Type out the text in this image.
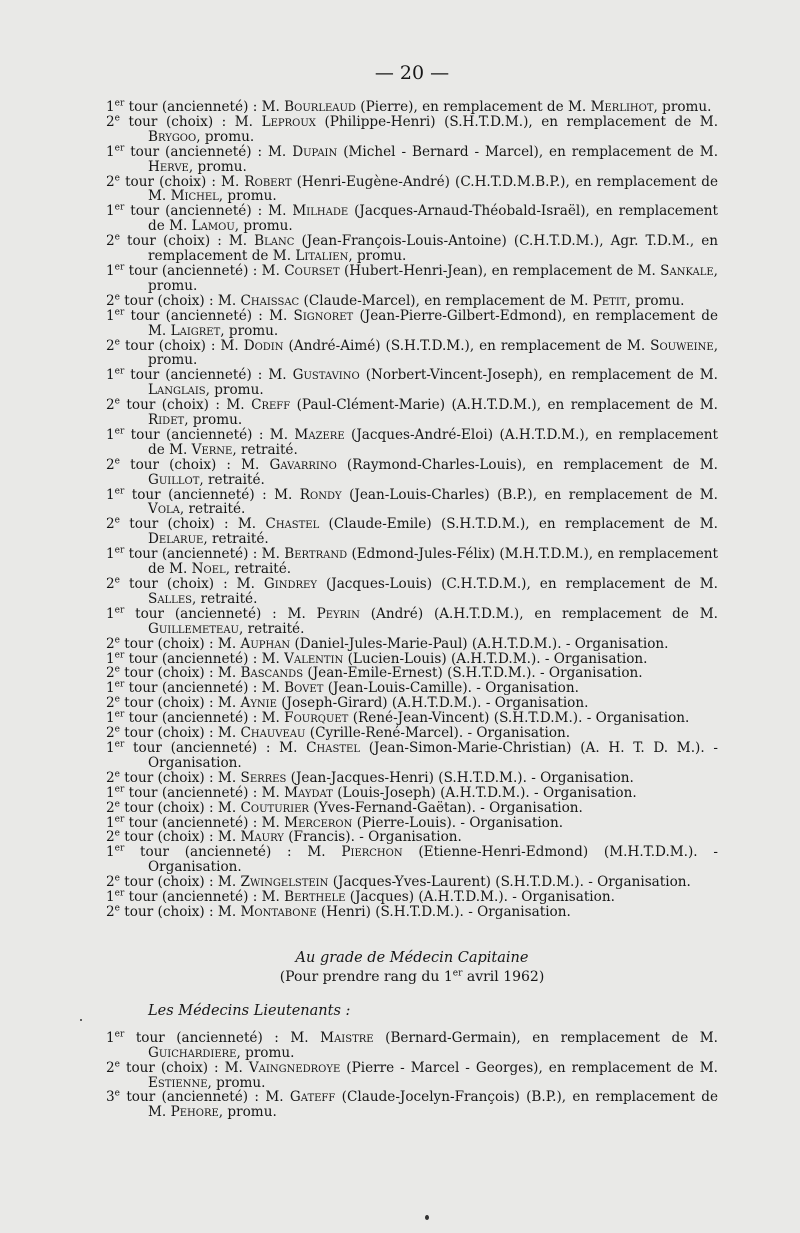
— 20 —
1er tour (ancienneté) : M. Bourleaud (Pierre), en remplacement de M. Merlihot, promu.
2e tour (choix) : M. Leproux (Philippe-Henri) (S.H.T.D.M.), en remplacement de M. Brygoo, promu.
1er tour (ancienneté) : M. Dupain (Michel - Bernard - Marcel), en remplacement de M. Herve, promu.
2e tour (choix) : M. Robert (Henri-Eugène-André) (C.H.T.D.M.B.P.), en remplacement de M. Michel, promu.
1er tour (ancienneté) : M. Milhade (Jacques-Arnaud-Théobald-Israël), en remplacement de M. Lamou, promu.
2e tour (choix) : M. Blanc (Jean-François-Louis-Antoine) (C.H.T.D.M.), Agr. T.D.M., en remplacement de M. Litalien, promu.
1er tour (ancienneté) : M. Courset (Hubert-Henri-Jean), en remplacement de M. Sankale, promu.
2e tour (choix) : M. Chaissac (Claude-Marcel), en remplacement de M. Petit, promu.
1er tour (ancienneté) : M. Signoret (Jean-Pierre-Gilbert-Edmond), en remplacement de M. Laigret, promu.
2e tour (choix) : M. Dodin (André-Aimé) (S.H.T.D.M.), en remplacement de M. Souweine, promu.
1er tour (ancienneté) : M. Gustavino (Norbert-Vincent-Joseph), en remplacement de M. Langlais, promu.
2e tour (choix) : M. Creff (Paul-Clément-Marie) (A.H.T.D.M.), en remplacement de M. Ridet, promu.
1er tour (ancienneté) : M. Mazere (Jacques-André-Eloi) (A.H.T.D.M.), en remplacement de M. Verne, retraité.
2e tour (choix) : M. Gavarrino (Raymond-Charles-Louis), en remplacement de M. Guillot, retraité.
1er tour (ancienneté) : M. Rondy (Jean-Louis-Charles) (B.P.), en remplacement de M. Vola, retraité.
2e tour (choix) : M. Chastel (Claude-Emile) (S.H.T.D.M.), en remplacement de M. Delarue, retraité.
1er tour (ancienneté) : M. Bertrand (Edmond-Jules-Félix) (M.H.T.D.M.), en remplacement de M. Noel, retraité.
2e tour (choix) : M. Gindrey (Jacques-Louis) (C.H.T.D.M.), en remplacement de M. Salles, retraité.
1er tour (ancienneté) : M. Peyrin (André) (A.H.T.D.M.), en remplacement de M. Guillemeteau, retraité.
2e tour (choix) : M. Auphan (Daniel-Jules-Marie-Paul) (A.H.T.D.M.). - Organisation.
1er tour (ancienneté) : M. Valentin (Lucien-Louis) (A.H.T.D.M.). - Organisation.
2e tour (choix) : M. Bascands (Jean-Emile-Ernest) (S.H.T.D.M.). - Organisation.
1er tour (ancienneté) : M. Bovet (Jean-Louis-Camille). - Organisation.
2e tour (choix) : M. Aynie (Joseph-Girard) (A.H.T.D.M.). - Organisation.
1er tour (ancienneté) : M. Fourquet (René-Jean-Vincent) (S.H.T.D.M.). - Organisation.
2e tour (choix) : M. Chauveau (Cyrille-René-Marcel). - Organisation.
1er tour (ancienneté) : M. Chastel (Jean-Simon-Marie-Christian) (A. H. T. D. M.). - Organisation.
2e tour (choix) : M. Serres (Jean-Jacques-Henri) (S.H.T.D.M.). - Organisation.
1er tour (ancienneté) : M. Maydat (Louis-Joseph) (A.H.T.D.M.). - Organisation.
2e tour (choix) : M. Couturier (Yves-Fernand-Gaëtan). - Organisation.
1er tour (ancienneté) : M. Merceron (Pierre-Louis). - Organisation.
2e tour (choix) : M. Maury (Francis). - Organisation.
1er tour (ancienneté) : M. Pierchon (Etienne-Henri-Edmond) (M.H.T.D.M.). - Organisation.
2e tour (choix) : M. Zwingelstein (Jacques-Yves-Laurent) (S.H.T.D.M.). - Organisation.
1er tour (ancienneté) : M. Berthele (Jacques) (A.H.T.D.M.). - Organisation.
2e tour (choix) : M. Montabone (Henri) (S.H.T.D.M.). - Organisation.
Au grade de Médecin Capitaine
(Pour prendre rang du 1er avril 1962)
Les Médecins Lieutenants :
1er tour (ancienneté) : M. Maistre (Bernard-Germain), en remplacement de M. Guichardiere, promu.
2e tour (choix) : M. Vaingnedroye (Pierre - Marcel - Georges), en remplacement de M. Estienne, promu.
3e tour (ancienneté) : M. Gateff (Claude-Jocelyn-François) (B.P.), en remplacement de M. Pehore, promu.
